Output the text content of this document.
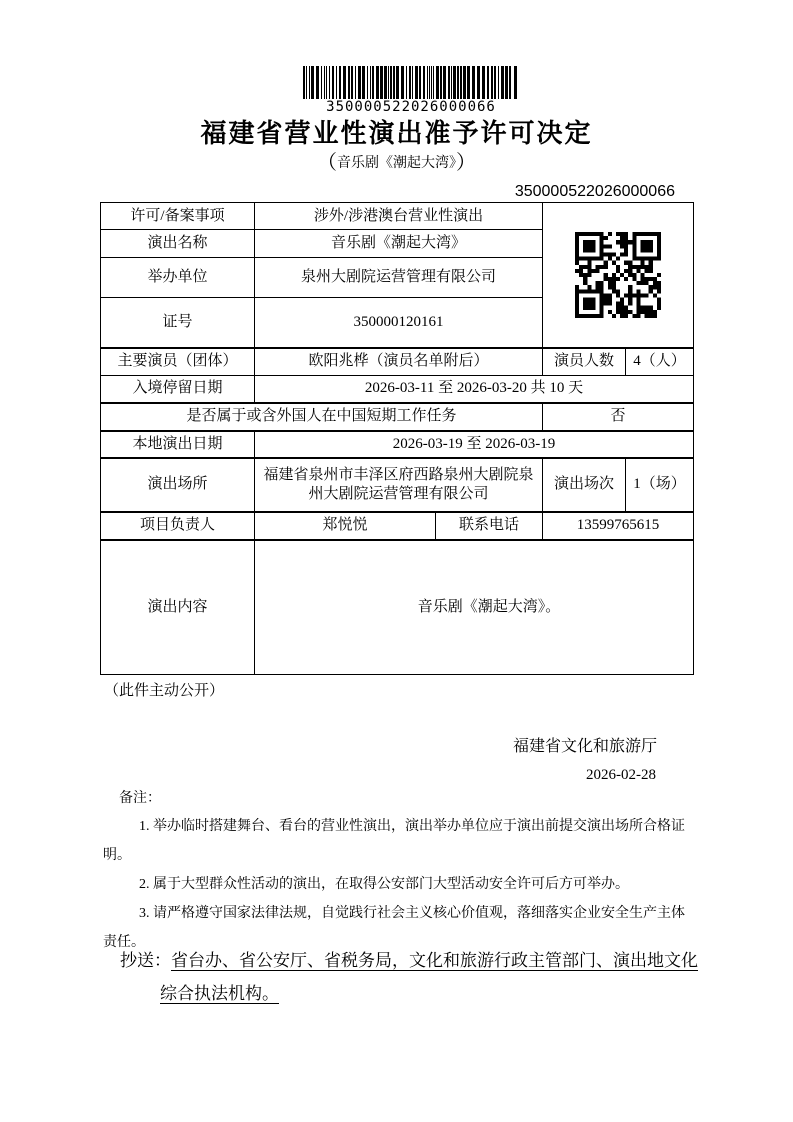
350000522026000066
福建省营业性演出准予许可决定
（音乐剧《潮起大湾》）
350000522026000066
许可/备案事项	涉外/涉港澳台营业性演出	
演出名称	音乐剧《潮起大湾》			
举办单位	泉州大剧院运营管理有限公司			
证号	350000120161			
主要演员（团体）	欧阳兆桦（演员名单附后）		演员人数	4（人）
入境停留日期	2026-03-11 至 2026-03-20 共 10 天			
是否属于或含外国人在中国短期工作任务			否	
本地演出日期	2026-03-19 至 2026-03-19			
演出场所	福建省泉州市丰泽区府西路泉州大剧院泉州大剧院运营管理有限公司		演出场次	1（场）
项目负责人	郑悦悦	联系电话	13599765615	
演出内容	音乐剧《潮起大湾》。			
（此件主动公开）
福建省文化和旅游厅
2026-02-28
备注：

1. 举办临时搭建舞台、看台的营业性演出，演出举办单位应于演出前提交演出场所合格证明。

2. 属于大型群众性活动的演出，在取得公安部门大型活动安全许可后方可举办。

3. 请严格遵守国家法律法规，自觉践行社会主义核心价值观，落细落实企业安全生产主体责任。

抄送：省台办、省公安厅、省税务局，文化和旅游行政主管部门、演出地文化综合执法机构。
